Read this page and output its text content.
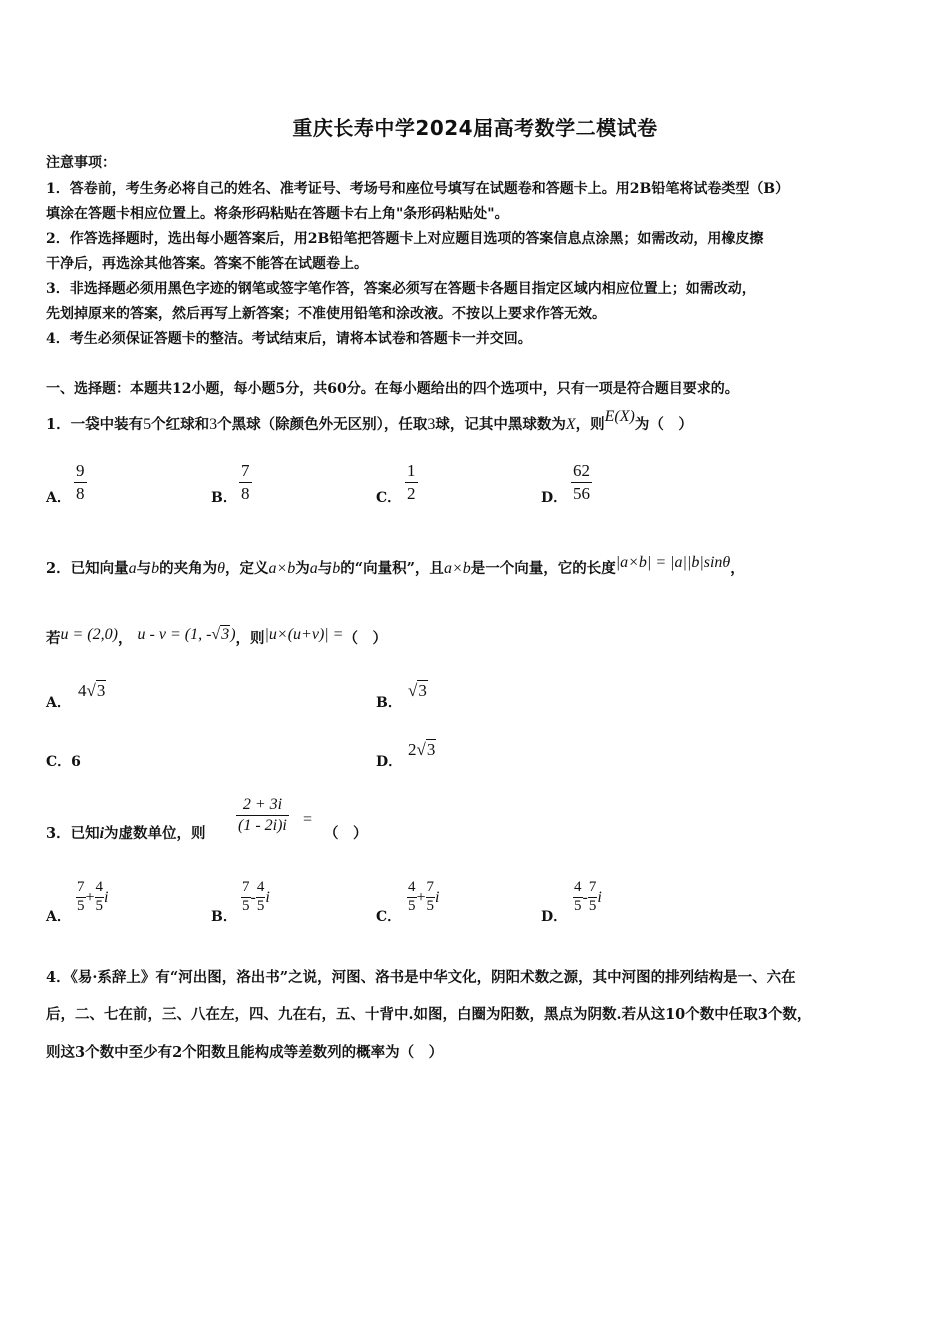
重庆长寿中学2024届高考数学二模试卷
注意事项：
1．答卷前，考生务必将自己的姓名、准考证号、考场号和座位号填写在试题卷和答题卡上。用2B铅笔将试卷类型（B）
填涂在答题卡相应位置上。将条形码粘贴在答题卡右上角"条形码粘贴处"。
2．作答选择题时，选出每小题答案后，用2B铅笔把答题卡上对应题目选项的答案信息点涂黑；如需改动，用橡皮擦
干净后，再选涂其他答案。答案不能答在试题卷上。
3．非选择题必须用黑色字迹的钢笔或签字笔作答，答案必须写在答题卡各题目指定区域内相应位置上；如需改动，
先划掉原来的答案，然后再写上新答案；不准使用铅笔和涂改液。不按以上要求作答无效。
4．考生必须保证答题卡的整洁。考试结束后，请将本试卷和答题卡一并交回。
一、选择题：本题共12小题，每小题5分，共60分。在每小题给出的四个选项中，只有一项是符合题目要求的。
1．一袋中装有5个红球和3个黑球（除颜色外无区别），任取3球，记其中黑球数为X，则E(X)为（　）
A． $\frac{9}{8}$	B． $\frac{7}{8}$	C． $\frac{1}{2}$	D． $\frac{62}{56}$
2．已知向量a与b的夹角为θ，定义a×b为a与b的“向量积”，且a×b是一个向量，它的长度|a×b| = |a||b|sinθ，
若u = (2,0)， u - v = (1, -√3)，则|u×(u+v)| =（　）
A．
4√3
B．
√3
C．6	D．
2√3
3．已知i为虚数单位，则 $\frac{2 + 3i}{(1 - 2i)i}$ =
（　）
A．
$\frac{7}{5} + \frac{4}{5}$ i
B．
$\frac{7}{5} - \frac{4}{5}$ i
C．
$\frac{4}{5} + \frac{7}{5}$ i
D．
$\frac{4}{5} - \frac{7}{5}$ i
4．《易·系辞上》有“河出图，洛出书”之说，河图、洛书是中华文化，阴阳术数之源，其中河图的排列结构是一、六在
后，二、七在前，三、八在左，四、九在右，五、十背中.如图，白圈为阳数，黑点为阴数.若从这10个数中任取3个数，
则这3个数中至少有2个阳数且能构成等差数列的概率为（　）
